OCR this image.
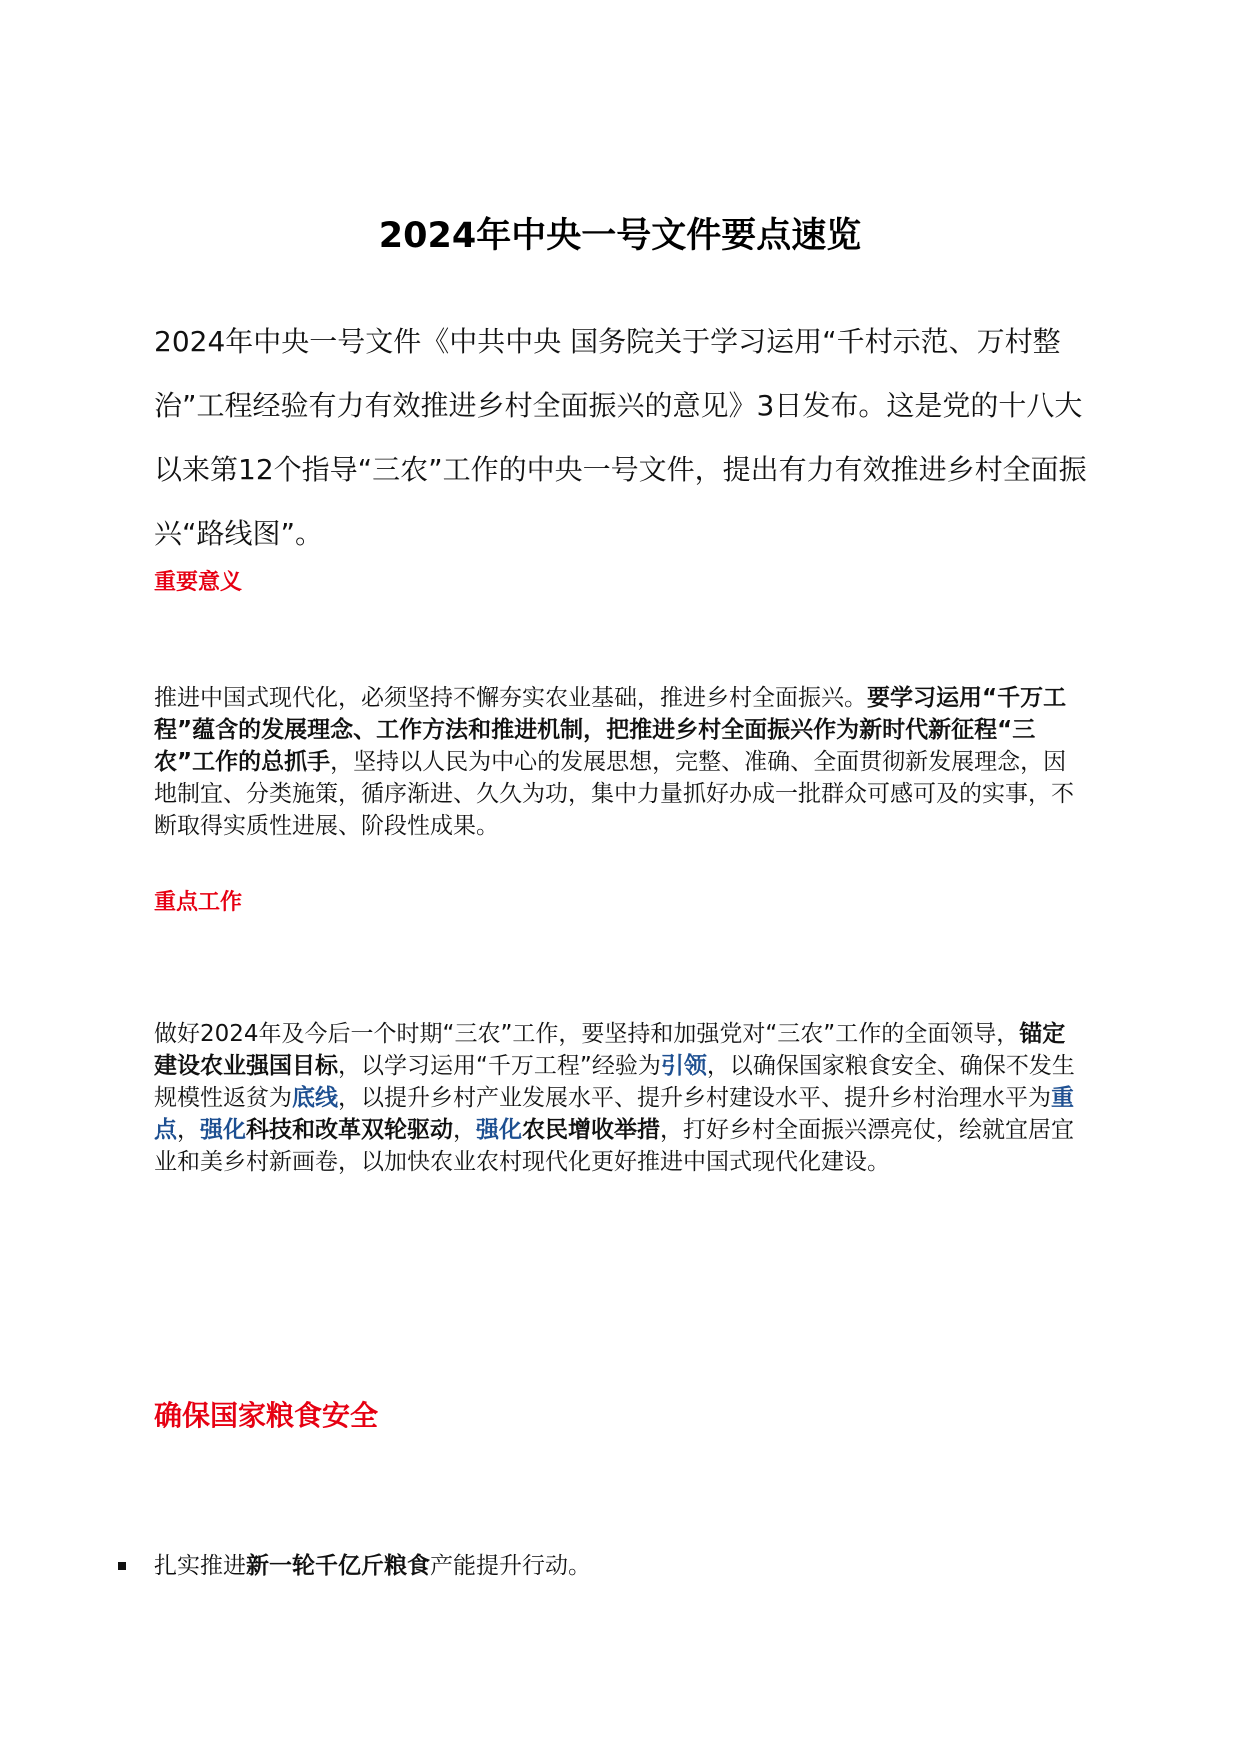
2024年中央一号文件要点速览

2024年中央一号文件《中共中央 国务院关于学习运用“千村示范、万村整治”工程经验有力有效推进乡村全面振兴的意见》3日发布。这是党的十八大以来第12个指导“三农”工作的中央一号文件，提出有力有效推进乡村全面振兴“路线图”。

重要意义

推进中国式现代化，必须坚持不懈夯实农业基础，推进乡村全面振兴。要学习运用“千万工程”蕴含的发展理念、工作方法和推进机制，把推进乡村全面振兴作为新时代新征程“三农”工作的总抓手，坚持以人民为中心的发展思想，完整、准确、全面贯彻新发展理念，因地制宜、分类施策，循序渐进、久久为功，集中力量抓好办成一批群众可感可及的实事，不断取得实质性进展、阶段性成果。

重点工作

做好2024年及今后一个时期“三农”工作，要坚持和加强党对“三农”工作的全面领导，锚定建设农业强国目标，以学习运用“千万工程”经验为引领，以确保国家粮食安全、确保不发生规模性返贫为底线，以提升乡村产业发展水平、提升乡村建设水平、提升乡村治理水平为重点，强化科技和改革双轮驱动，强化农民增收举措，打好乡村全面振兴漂亮仗，绘就宜居宜业和美乡村新画卷，以加快农业农村现代化更好推进中国式现代化建设。

确保国家粮食安全

扎实推进新一轮千亿斤粮食产能提升行动。
